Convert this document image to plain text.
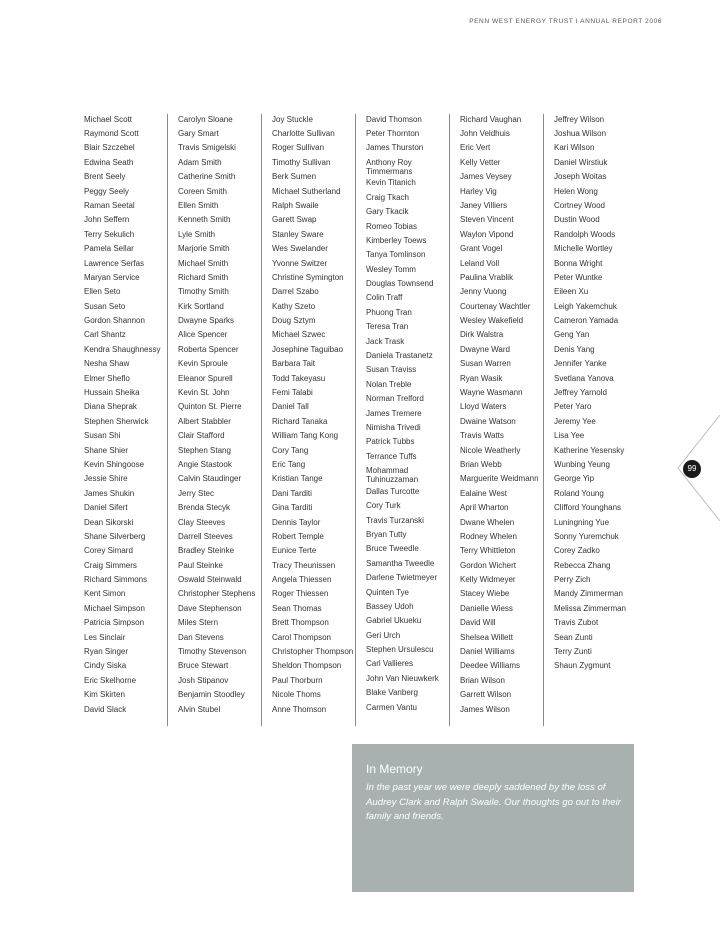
PENN WEST ENERGY TRUST I ANNUAL REPORT 2006
Michael Scott
Raymond Scott
Blair Szczebel
Edwina Seath
Brent Seely
Peggy Seely
Raman Seetal
John Seffern
Terry Sekulich
Pamela Sellar
Lawrence Serfas
Maryan Service
Ellen Seto
Susan Seto
Gordon Shannon
Carl Shantz
Kendra Shaughnessy
Nesha Shaw
Elmer Sheflo
Hussain Sheika
Diana Sheprak
Stephen Sherwick
Susan Shi
Shane Shier
Kevin Shingoose
Jessie Shire
James Shukin
Daniel Sifert
Dean Sikorski
Shane Silverberg
Corey Simard
Craig Simmers
Richard Simmons
Kent Simon
Michael Simpson
Patricia Simpson
Les Sinclair
Ryan Singer
Cindy Siska
Eric Skelhorne
Kim Skirten
David Slack
Carolyn Sloane
Gary Smart
Travis Smigelski
Adam Smith
Catherine Smith
Coreen Smith
Ellen Smith
Kenneth Smith
Lyle Smith
Marjorie Smith
Michael Smith
Richard Smith
Timothy Smith
Kirk Sortland
Dwayne Sparks
Alice Spencer
Roberta Spencer
Kevin Sproule
Eleanor Spurell
Kevin St. John
Quinton St. Pierre
Albert Stabbler
Clair Stafford
Stephen Stang
Angie Stastook
Calvin Staudinger
Jerry Stec
Brenda Stecyk
Clay Steeves
Darrell Steeves
Bradley Steinke
Paul Steinke
Oswald Steinwald
Christopher Stephens
Dave Stephenson
Miles Stern
Dan Stevens
Timothy Stevenson
Bruce Stewart
Josh Stipanov
Benjamin Stoodley
Alvin Stubel
Joy Stuckle
Charlotte Sullivan
Roger Sullivan
Timothy Sullivan
Berk Sumen
Michael Sutherland
Ralph Swaile
Garett Swap
Stanley Sware
Wes Swelander
Yvonne Switzer
Christine Symington
Darrel Szabo
Kathy Szeto
Doug Sztym
Michael Szwec
Josephine Taguibao
Barbara Tait
Todd Takeyasu
Femi Talabi
Daniel Tall
Richard Tanaka
William Tang Kong
Cory Tang
Eric Tang
Kristian Tange
Dani Tarditi
Gina Tarditi
Dennis Taylor
Robert Temple
Eunice Terte
Tracy Theunissen
Angela Thiessen
Roger Thiessen
Sean Thomas
Brett Thompson
Carol Thompson
Christopher Thompson
Sheldon Thompson
Paul Thorburn
Nicole Thoms
Anne Thomson
David Thomson
Peter Thornton
James Thurston
Anthony Roy Timmermans
Kevin Titanich
Craig Tkach
Gary Tkacik
Romeo Tobias
Kimberley Toews
Tanya Tomlinson
Wesley Tomm
Douglas Townsend
Colin Traff
Phuong Tran
Teresa Tran
Jack Trask
Daniela Trastanetz
Susan Traviss
Nolan Treble
Norman Trelford
James Tremere
Nimisha Trivedi
Patrick Tubbs
Terrance Tuffs
Mohammad Tuhinuzzaman
Dallas Turcotte
Cory Turk
Travis Turzanski
Bryan Tutty
Bruce Tweedle
Samantha Tweedle
Darlene Twietmeyer
Quinten Tye
Bassey Udoh
Gabriel Ukueku
Geri Urch
Stephen Ursulescu
Carl Vallieres
John Van Nieuwkerk
Blake Vanberg
Carmen Vantu
Richard Vaughan
John Veldhuis
Eric Vert
Kelly Vetter
James Veysey
Harley Vig
Janey Villiers
Steven Vincent
Waylon Vipond
Grant Vogel
Leland Voll
Paulina Vrablik
Jenny Vuong
Courtenay Wachtler
Wesley Wakefield
Dirk Walstra
Dwayne Ward
Susan Warren
Ryan Wasik
Wayne Wasmann
Lloyd Waters
Dwaine Watson
Travis Watts
Nicole Weatherly
Brian Webb
Marguerite Weidmann
Ealaine West
April Wharton
Dwane Whelen
Rodney Whelen
Terry Whittleton
Gordon Wichert
Kelly Widmeyer
Stacey Wiebe
Danielle Wiess
David Will
Shelsea Willett
Daniel Williams
Deedee Williams
Brian Wilson
Garrett Wilson
James Wilson
Jeffrey Wilson
Joshua Wilson
Kari Wilson
Daniel Wirstiuk
Joseph Woitas
Helen Wong
Cortney Wood
Dustin Wood
Randolph Woods
Michelle Wortley
Bonna Wright
Peter Wuntke
Eileen Xu
Leigh Yakemchuk
Cameron Yamada
Geng Yan
Denis Yang
Jennifer Yanke
Svetlana Yanova
Jeffrey Yarnold
Peter Yaro
Jeremy Yee
Lisa Yee
Katherine Yesensky
Wunbing Yeung
George Yip
Roland Young
Clifford Younghans
Luningning Yue
Sonny Yuremchuk
Corey Zadko
Rebecca Zhang
Perry Zich
Mandy Zimmerman
Melissa Zimmerman
Travis Zubot
Sean Zunti
Terry Zunti
Shaun Zygmunt
In Memory
In the past year we were deeply saddened by the loss of Audrey Clark and Ralph Swaile. Our thoughts go out to their family and friends.
99
